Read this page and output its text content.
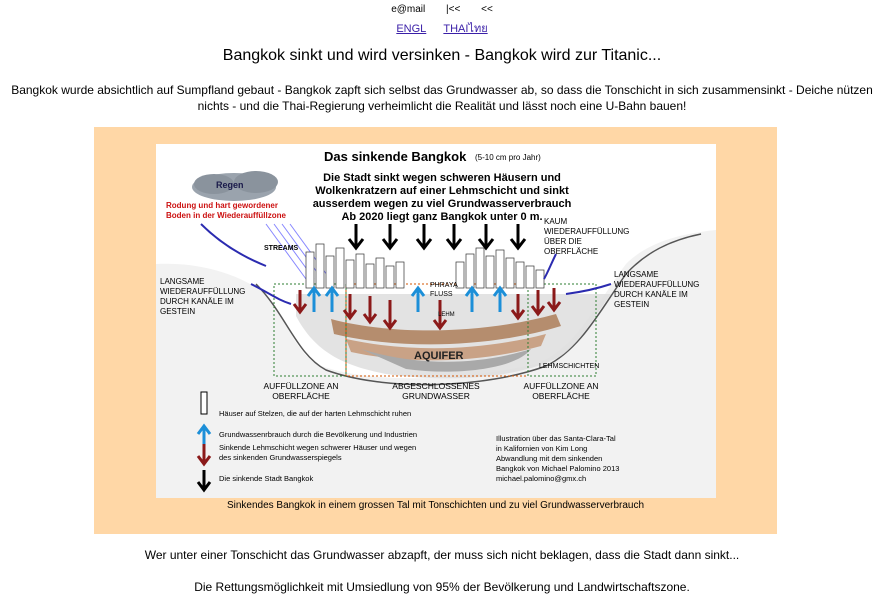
e@mail |<< <<
ENGL THAIไทย
Bangkok sinkt und wird versinken - Bangkok wird zur Titanic...
Bangkok wurde absichtlich auf Sumpfland gebaut - Bangkok zapft sich selbst das Grundwasser ab, so dass die Tonschicht in sich zusammensinkt - Deiche nützen nichts - und die Thai-Regierung verheimlicht die Realität und lässt noch eine U-Bahn bauen!
Das sinkende Bangkok (5-10 cm pro Jahr)
Die Stadt sinkt wegen schweren Häusern und
Wolkenkratzern auf einer Lehmschicht und sinkt
ausserdem wegen zu viel Grundwasserverbrauch
Ab 2020 liegt ganz Bangkok unter 0 m.
Regen
Rodung und hart gewordener
Boden in der Wiederauffüllzone
STREAMS
LANGSAME
WIEDERAUFFÜLLUNG
DURCH KANÄLE IM
GESTEIN
LANGSAME
WIEDERAUFFÜLLUNG
DURCH KANÄLE IM
GESTEIN
KAUM
WIEDERAUFFÜLLUNG
ÜBER DIE
OBERFLÄCHE
PHRAYA
FLUSS
LEHM
AQUIFER
LEHMSCHICHTEN
AUFFÜLLZONE AN
OBERFLÄCHE
ABGESCHLOSSENES
GRUNDWASSER
AUFFÜLLZONE AN
OBERFLÄCHE
Häuser auf Stelzen, die auf der harten Lehmschicht ruhen
Grundwassenrbrauch durch die Bevölkerung und Industrien
Sinkende Lehmschicht wegen schwerer Häuser und wegen
des sinkenden Grundwasserspiegels
Die sinkende Stadt Bangkok
Illustration über das Santa-Clara-Tal
in Kalifornien von Kim Long
Abwandlung mit dem sinkenden
Bangkok von Michael Palomino 2013
michael.palomino@gmx.ch
Sinkendes Bangkok in einem grossen Tal mit Tonschichten und zu viel Grundwasserverbrauch
Wer unter einer Tonschicht das Grundwasser abzapft, der muss sich nicht beklagen, dass die Stadt dann sinkt...
Die Rettungsmöglichkeit mit Umsiedlung von 95% der Bevölkerung und Landwirtschaftszone.
